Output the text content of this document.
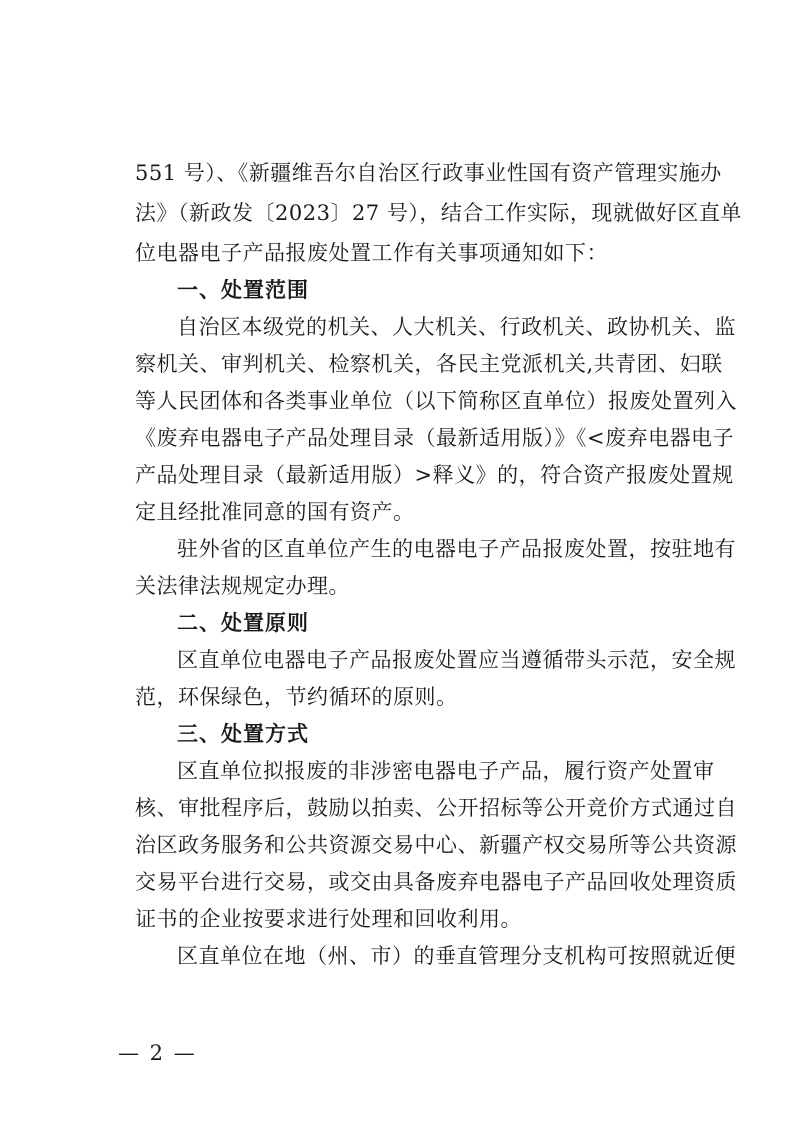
551 号）、《新疆维吾尔自治区行政事业性国有资产管理实施办
法》（新政发〔2023〕27 号），结合工作实际，现就做好区直单
位电器电子产品报废处置工作有关事项通知如下：
一、处置范围
自治区本级党的机关、人大机关、行政机关、政协机关、监
察机关、审判机关、检察机关，各民主党派机关,共青团、妇联
等人民团体和各类事业单位（以下简称区直单位）报废处置列入
《废弃电器电子产品处理目录（最新适用版）》《<废弃电器电子
产品处理目录（最新适用版）>释义》的，符合资产报废处置规
定且经批准同意的国有资产。
驻外省的区直单位产生的电器电子产品报废处置，按驻地有
关法律法规规定办理。
二、处置原则
区直单位电器电子产品报废处置应当遵循带头示范，安全规
范，环保绿色，节约循环的原则。
三、处置方式
区直单位拟报废的非涉密电器电子产品，履行资产处置审
核、审批程序后，鼓励以拍卖、公开招标等公开竞价方式通过自
治区政务服务和公共资源交易中心、新疆产权交易所等公共资源
交易平台进行交易，或交由具备废弃电器电子产品回收处理资质
证书的企业按要求进行处理和回收利用。
区直单位在地（州、市）的垂直管理分支机构可按照就近便
— 2 —
